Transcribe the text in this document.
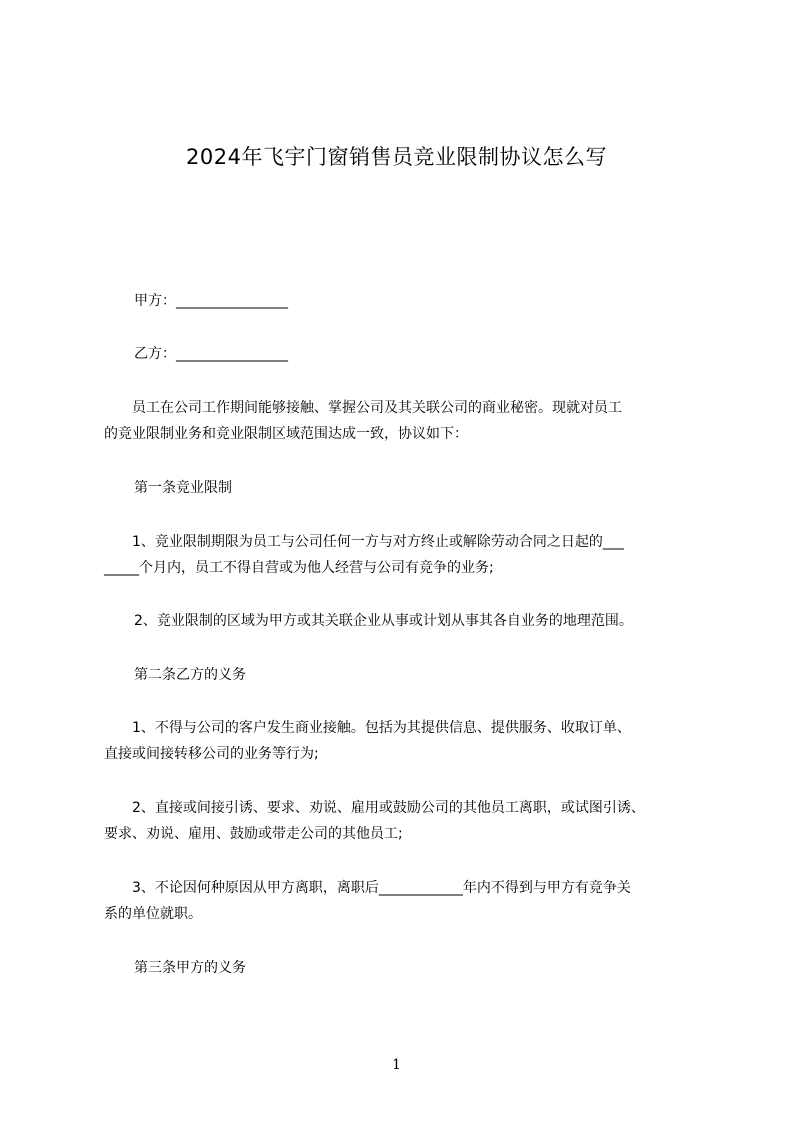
2024年飞宇门窗销售员竞业限制协议怎么写
甲方：________________
乙方：________________
员工在公司工作期间能够接触、掌握公司及其关联公司的商业秘密。现就对员工
的竞业限制业务和竞业限制区域范围达成一致，协议如下：
第一条竞业限制
1、竞业限制期限为员工与公司任何一方与对方终止或解除劳动合同之日起的___
_____个月内，员工不得自营或为他人经营与公司有竞争的业务;
2、竞业限制的区域为甲方或其关联企业从事或计划从事其各自业务的地理范围。
第二条乙方的义务
1、不得与公司的客户发生商业接触。包括为其提供信息、提供服务、收取订单、
直接或间接转移公司的业务等行为;
2、直接或间接引诱、要求、劝说、雇用或鼓励公司的其他员工离职，或试图引诱、
要求、劝说、雇用、鼓励或带走公司的其他员工;
3、不论因何种原因从甲方离职，离职后____________年内不得到与甲方有竞争关
系的单位就职。
第三条甲方的义务
1
